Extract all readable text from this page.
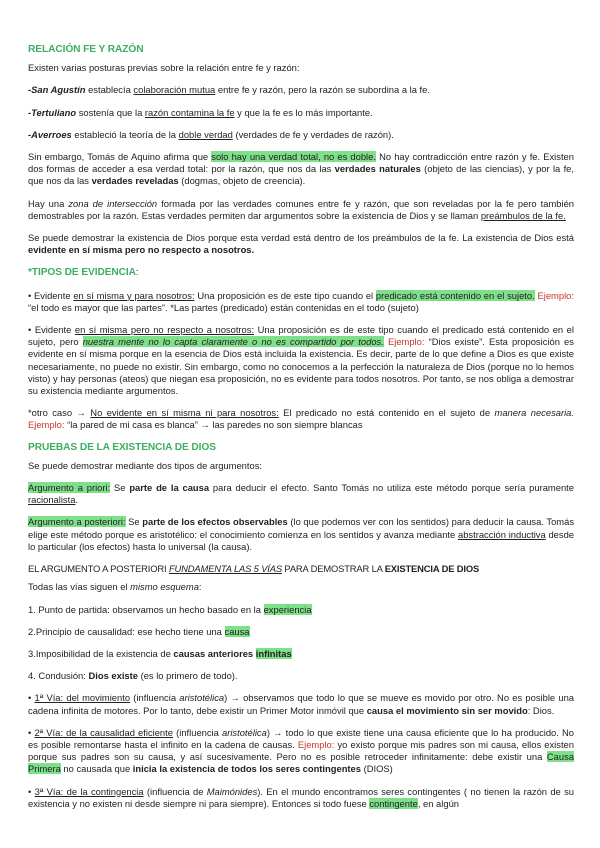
RELACIÓN FE Y RAZÓN

Existen varias posturas previas sobre la relación entre fe y razón:

-San Agustín establecía colaboración mutua entre fe y razón, pero la razón se subordina a la fe.

-Tertuliano sostenía que la razón contamina la fe y que la fe es lo más importante.

-Averroes estableció la teoría de la doble verdad (verdades de fe y verdades de razón).

Sin embargo, Tomás de Aquino afirma que solo hay una verdad total, no es doble. No hay contradicción entre razón y fe. Existen dos formas de acceder a esa verdad total: por la razón, que nos da las verdades naturales (objeto de las ciencias), y por la fe, que nos da las verdades reveladas (dogmas, objeto de creencia).

Hay una zona de intersección formada por las verdades comunes entre fe y razón, que son reveladas por la fe pero también demostrables por la razón. Estas verdades permiten dar argumentos sobre la existencia de Dios y se llaman preámbulos de la fe.

Se puede demostrar la existencia de Dios porque esta verdad está dentro de los preámbulos de la fe. La existencia de Dios está evidente en sí misma pero no respecto a nosotros.

*TIPOS DE EVIDENCIA:

• Evidente en sí misma y para nosotros: Una proposición es de este tipo cuando el predicado está contenido en el sujeto. Ejemplo: “el todo es mayor que las partes”. *Las partes (predicado) están contenidas en el todo (sujeto)

• Evidente en sí misma pero no respecto a nosotros: Una proposición es de este tipo cuando el predicado está contenido en el sujeto, pero nuestra mente no lo capta claramente o no es compartido por todos. Ejemplo: “Dios existe”. Esta proposición es evidente en sí misma porque en la esencia de Dios está incluida la existencia. Es decir, parte de lo que define a Dios es que existe necesariamente, no puede no existir. Sin embargo, como no conocemos a la perfección la naturaleza de Dios (porque no lo hemos visto) y hay personas (ateos) que niegan esa proposición, no es evidente para todos nosotros. Por tanto, se nos obliga a demostrar su existencia mediante argumentos.

*otro caso → No evidente en sí misma ni para nosotros: El predicado no está contenido en el sujeto de manera necesaria. Ejemplo: “la pared de mi casa es blanca” → las paredes no son siempre blancas

PRUEBAS DE LA EXISTENCIA DE DIOS

Se puede demostrar mediante dos tipos de argumentos:

Argumento a priori: Se parte de la causa para deducir el efecto. Santo Tomás no utiliza este método porque sería puramente racionalista.

Argumento a posteriori: Se parte de los efectos observables (lo que podemos ver con los sentidos) para deducir la causa. Tomás elige este método porque es aristotélico: el conocimiento comienza en los sentidos y avanza mediante abstracción inductiva desde lo particular (los efectos) hasta lo universal (la causa).

EL ARGUMENTO A POSTERIORI FUNDAMENTA LAS 5 VÍAS PARA DEMOSTRAR LA EXISTENCIA DE DIOS

Todas las vías siguen el mismo esquema:

1. Punto de partida: observamos un hecho basado en la experiencia

2.Principio de causalidad: ese hecho tiene una causa

3.Imposibilidad de la existencia de causas anteriores infinitas

4. Condusión: Dios existe (es lo primero de todo).

• 1ª Vía: del movimiento (influencia aristotélica) → observamos que todo lo que se mueve es movido por otro. No es posible una cadena infinita de motores. Por lo tanto, debe existir un Primer Motor inmóvil que causa el movimiento sin ser movido: Dios.

• 2ª Vía: de la causalidad eficiente (influencia aristotélica) → todo lo que existe tiene una causa eficiente que lo ha producido. No es posible remontarse hasta el infinito en la cadena de causas. Ejemplo: yo existo porque mis padres son mi causa, ellos existen porque sus padres son su causa, y así sucesivamente. Pero no es posible retroceder infinitamente: debe existir una Causa Primera no causada que inicia la existencia de todos los seres contingentes (DIOS)

• 3ª Vía: de la contingencia (influencia de Maimónides). En el mundo encontramos seres contingentes ( no tienen la razón de su existencia y no existen ni desde siempre ni para siempre). Entonces si todo fuese contingente, en algún
